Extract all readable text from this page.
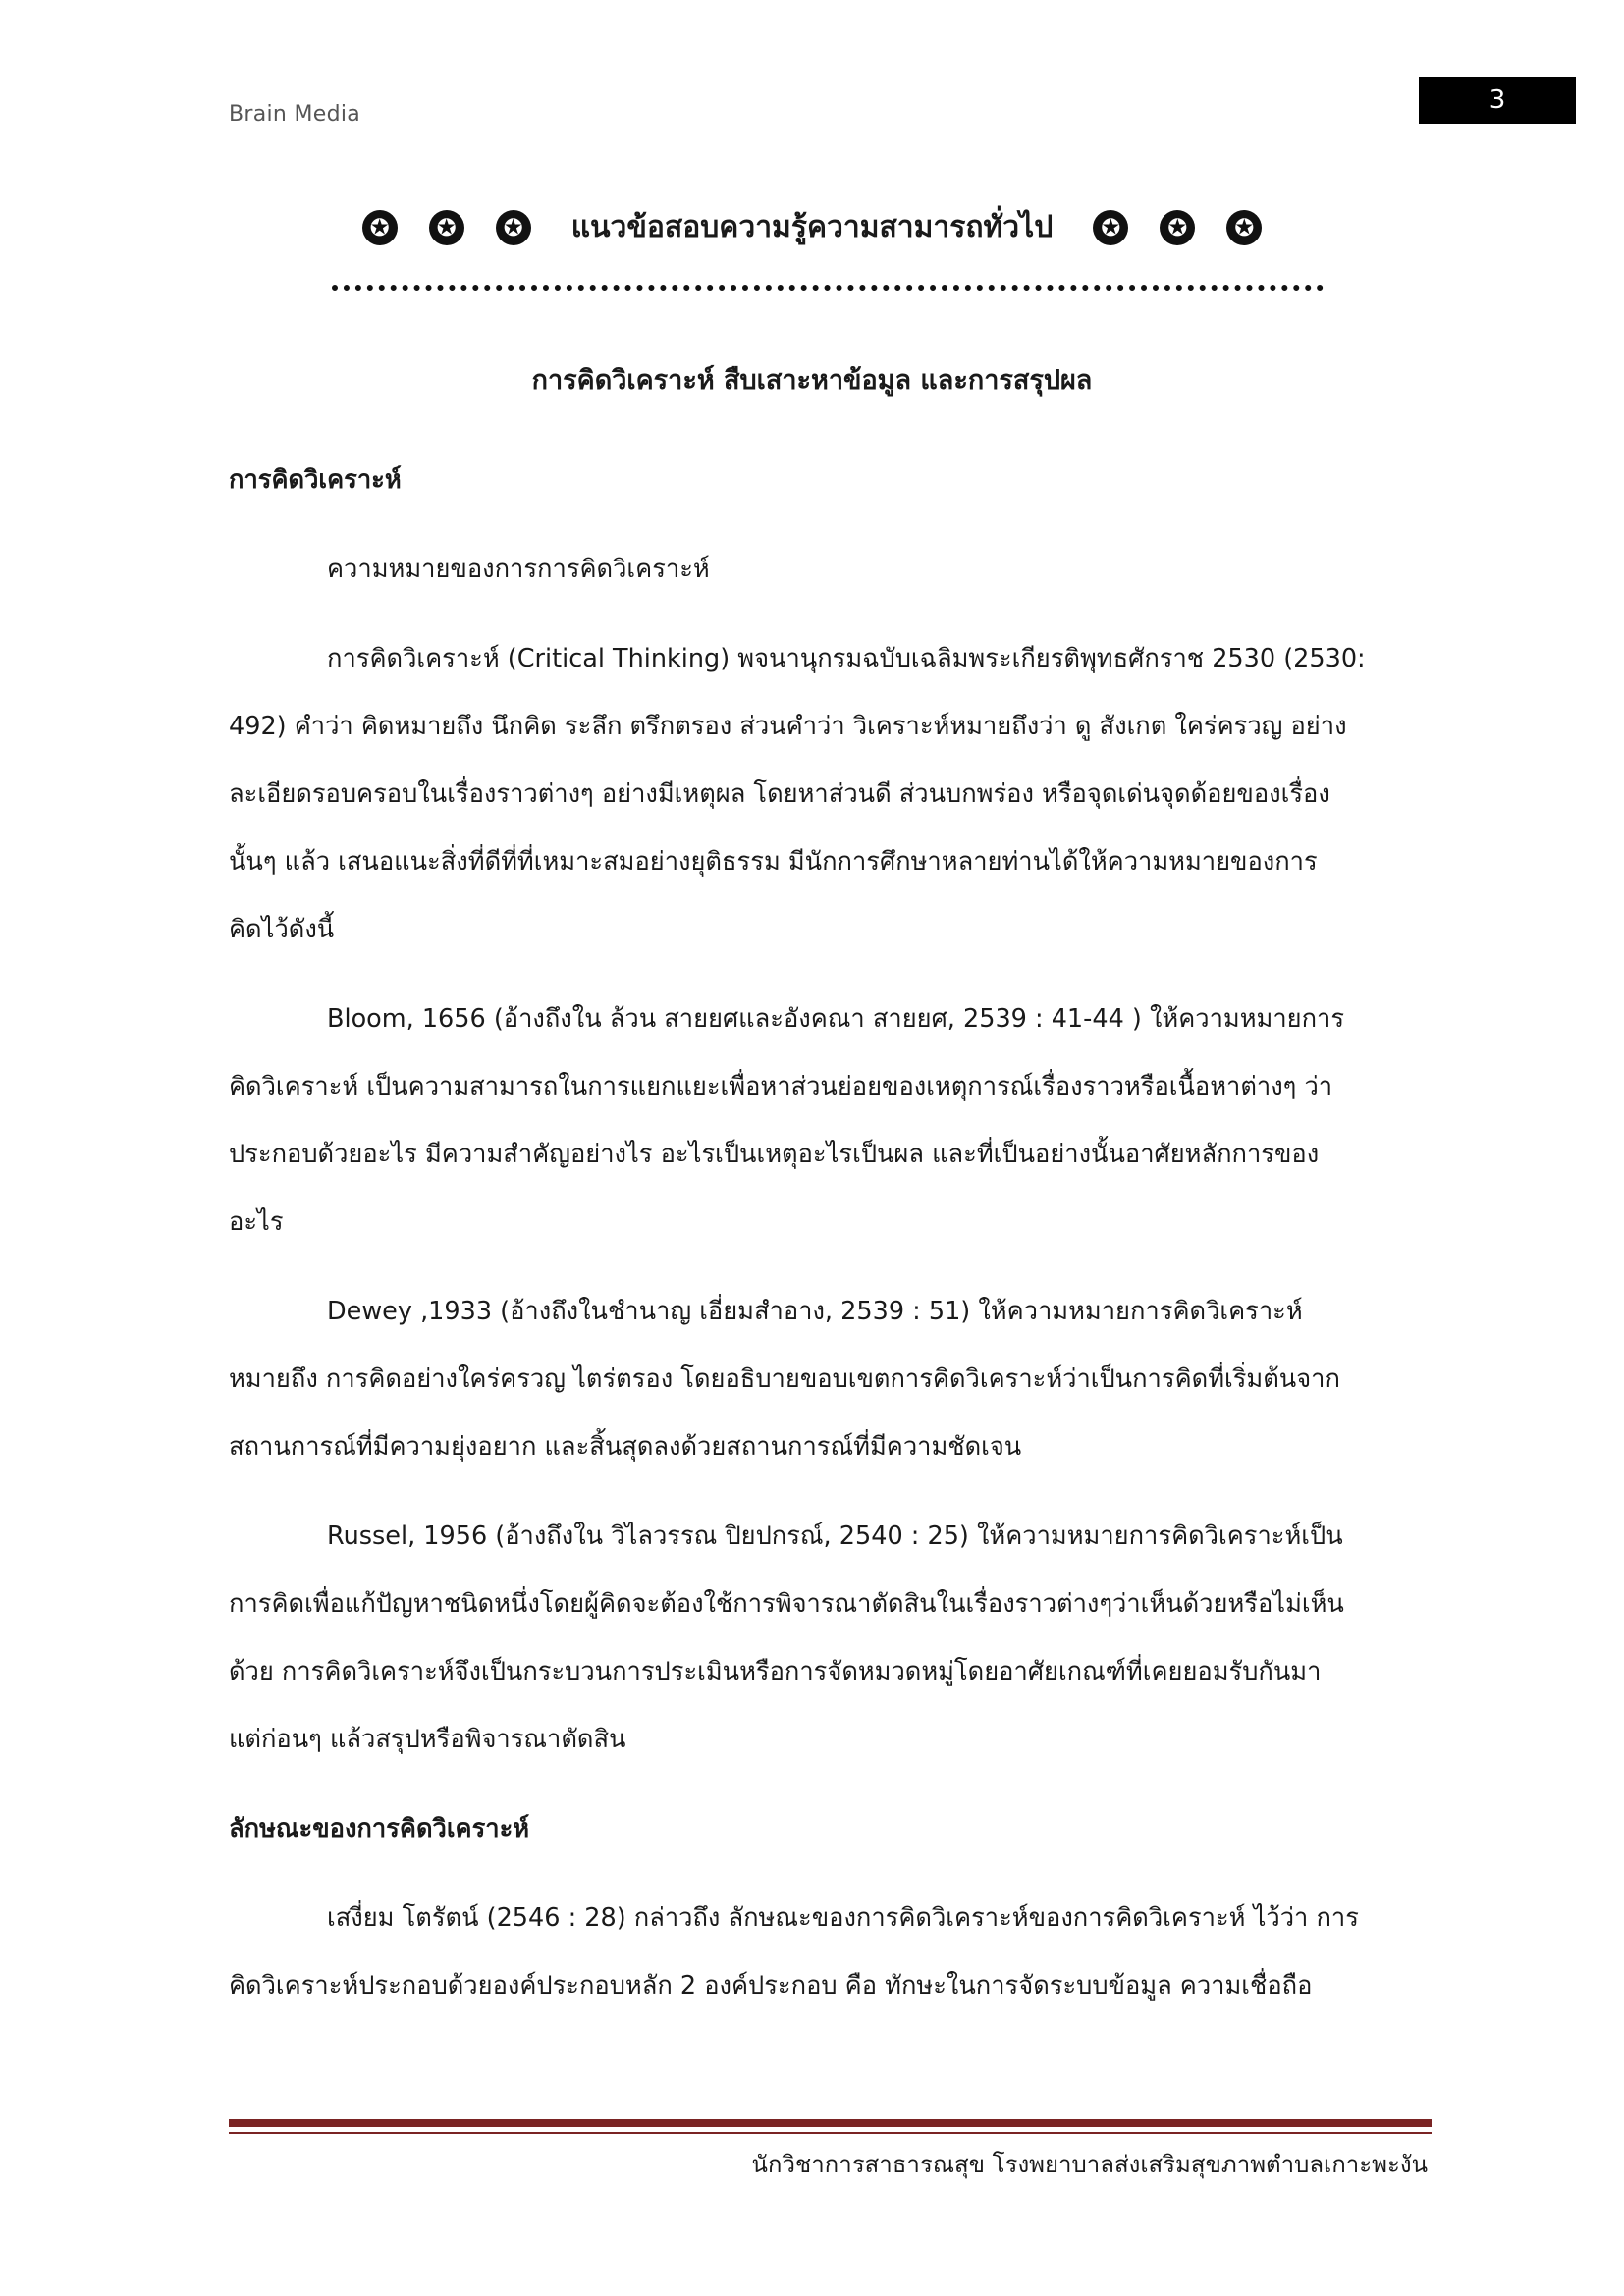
Brain Media	3
✪	✪	✪ แนวข้อสอบความรู้ความสามารถทั่วไป	✪	✪	✪
การคิดวิเคราะห์ สืบเสาะหาข้อมูล และการสรุปผล

การคิดวิเคราะห์

ความหมายของการการคิดวิเคราะห์

การคิดวิเคราะห์ (Critical Thinking) พจนานุกรมฉบับเฉลิมพระเกียรติพุทธศักราช 2530 (2530:

492) คำว่า คิดหมายถึง นึกคิด ระลึก ตรึกตรอง ส่วนคำว่า วิเคราะห์หมายถึงว่า ดู สังเกต ใคร่ครวญ อย่าง

ละเอียดรอบครอบในเรื่องราวต่างๆ อย่างมีเหตุผล โดยหาส่วนดี ส่วนบกพร่อง หรือจุดเด่นจุดด้อยของเรื่อง

นั้นๆ แล้ว เสนอแนะสิ่งที่ดีที่ที่เหมาะสมอย่างยุติธรรม มีนักการศึกษาหลายท่านได้ให้ความหมายของการ

คิดไว้ดังนี้

Bloom, 1656 (อ้างถึงใน ล้วน สายยศและอังคณา สายยศ, 2539 : 41-44 ) ให้ความหมายการ

คิดวิเคราะห์ เป็นความสามารถในการแยกแยะเพื่อหาส่วนย่อยของเหตุการณ์เรื่องราวหรือเนื้อหาต่างๆ ว่า

ประกอบด้วยอะไร มีความสำคัญอย่างไร อะไรเป็นเหตุอะไรเป็นผล และที่เป็นอย่างนั้นอาศัยหลักการของ

อะไร

Dewey ,1933 (อ้างถึงในชำนาญ เอี่ยมสำอาง, 2539 : 51) ให้ความหมายการคิดวิเคราะห์

หมายถึง การคิดอย่างใคร่ครวญ ไตร่ตรอง โดยอธิบายขอบเขตการคิดวิเคราะห์ว่าเป็นการคิดที่เริ่มต้นจาก

สถานการณ์ที่มีความยุ่งอยาก และสิ้นสุดลงด้วยสถานการณ์ที่มีความชัดเจน

Russel, 1956 (อ้างถึงใน วิไลวรรณ ปิยปกรณ์, 2540 : 25) ให้ความหมายการคิดวิเคราะห์เป็น

การคิดเพื่อแก้ปัญหาชนิดหนึ่งโดยผู้คิดจะต้องใช้การพิจารณาตัดสินในเรื่องราวต่างๆว่าเห็นด้วยหรือไม่เห็น

ด้วย การคิดวิเคราะห์จึงเป็นกระบวนการประเมินหรือการจัดหมวดหมู่โดยอาศัยเกณฑ์ที่เคยยอมรับกันมา

แต่ก่อนๆ แล้วสรุปหรือพิจารณาตัดสิน

ลักษณะของการคิดวิเคราะห์

เสงี่ยม โตรัตน์ (2546 : 28) กล่าวถึง ลักษณะของการคิดวิเคราะห์ของการคิดวิเคราะห์ ไว้ว่า การ

คิดวิเคราะห์ประกอบด้วยองค์ประกอบหลัก 2 องค์ประกอบ คือ ทักษะในการจัดระบบข้อมูล ความเชื่อถือ

นักวิชาการสาธารณสุข โรงพยาบาลส่งเสริมสุขภาพตำบลเกาะพะงัน
